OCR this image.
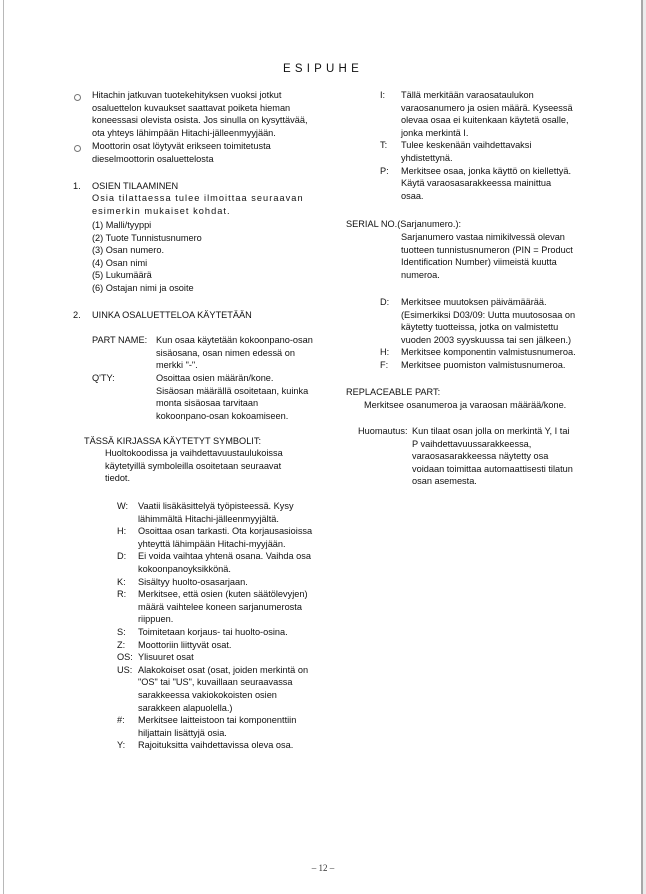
ESIPUHE
Hitachin jatkuvan tuotekehityksen vuoksi jotkut
osaluettelon kuvaukset saattavat poiketa hieman
koneessasi olevista osista. Jos sinulla on kysyttävää,
ota yhteys lähimpään Hitachi-jälleenmyyjään.
Moottorin osat löytyvät erikseen toimitetusta
dieselmoottorin osaluettelosta
1. OSIEN TILAAMINEN
Osia tilattaessa tulee ilmoittaa seuraavan
esimerkin mukaiset kohdat.
(1) Malli/tyyppi
(2) Tuote Tunnistusnumero
(3) Osan numero.
(4) Osan nimi
(5) Lukumäärä
(6) Ostajan nimi ja osoite
2. UINKA OSALUETTELOA KÄYTETÄÄN
PART NAME: Kun osaa käytetään kokoonpano-osan
sisäosana, osan nimen edessä on
merkki "-".
Q'TY:	Osoittaa osien määrän/kone.
Sisäosan määrällä osoitetaan, kuinka
monta sisäosaa tarvitaan
kokoonpano-osan kokoamiseen.
TÄSSÄ KIRJASSA KÄYTETYT SYMBOLIT:
Huoltokoodissa ja vaihdettavuustaulukoissa
käytetyillä symboleilla osoitetaan seuraavat
tiedot.
W: Vaatii lisäkäsittelyä työpisteessä. Kysy
lähimmältä Hitachi-jälleenmyyjältä.
H: Osoittaa osan tarkasti. Ota korjausasioissa
yhteyttä lähimpään Hitachi-myyjään.
D: Ei voida vaihtaa yhtenä osana. Vaihda osa
kokoonpanoyksikkönä.
K: Sisältyy huolto-osasarjaan.
R: Merkitsee, että osien (kuten säätölevyjen)
määrä vaihtelee koneen sarjanumerosta
riippuen.
S: Toimitetaan korjaus- tai huolto-osina.
Z: Moottoriin liittyvät osat.
OS: Ylisuuret osat
US: Alakokoiset osat (osat, joiden merkintä on
"OS" tai "US", kuvaillaan seuraavassa
sarakkeessa vakiokokoisten osien
sarakkeen alapuolella.)
#: Merkitsee laitteistoon tai komponenttiin
hiljattain lisättyjä osia.
Y: Rajoituksitta vaihdettavissa oleva osa.
I: Tällä merkitään varaosataulukon
varaosanumero ja osien määrä. Kyseessä
olevaa osaa ei kuitenkaan käytetä osalle,
jonka merkintä I.
T: Tulee keskenään vaihdettavaksi
yhdistettynä.
P: Merkitsee osaa, jonka käyttö on kiellettyä.
Käytä varaosasarakkeessa mainittua
osaa.
SERIAL NO.(Sarjanumero.):
Sarjanumero vastaa nimikilvessä olevan
tuotteen tunnistusnumeron (PIN = Product
Identification Number) viimeistä kuutta
numeroa.
D: Merkitsee muutoksen päivämäärää.
(Esimerkiksi D03/09: Uutta muutososaa on
käytetty tuotteissa, jotka on valmistettu
vuoden 2003 syyskuussa tai sen jälkeen.)
H: Merkitsee komponentin valmistusnumeroa.
F: Merkitsee puomiston valmistusnumeroa.
REPLACEABLE PART:
Merkitsee osanumeroa ja varaosan määrää/kone.
Huomautus: Kun tilaat osan jolla on merkintä Y, I tai
P vaihdettavuussarakkeessa,
varaosasarakkeessa näytetty osa
voidaan toimittaa automaattisesti tilatun
osan asemesta.
– 12 –
